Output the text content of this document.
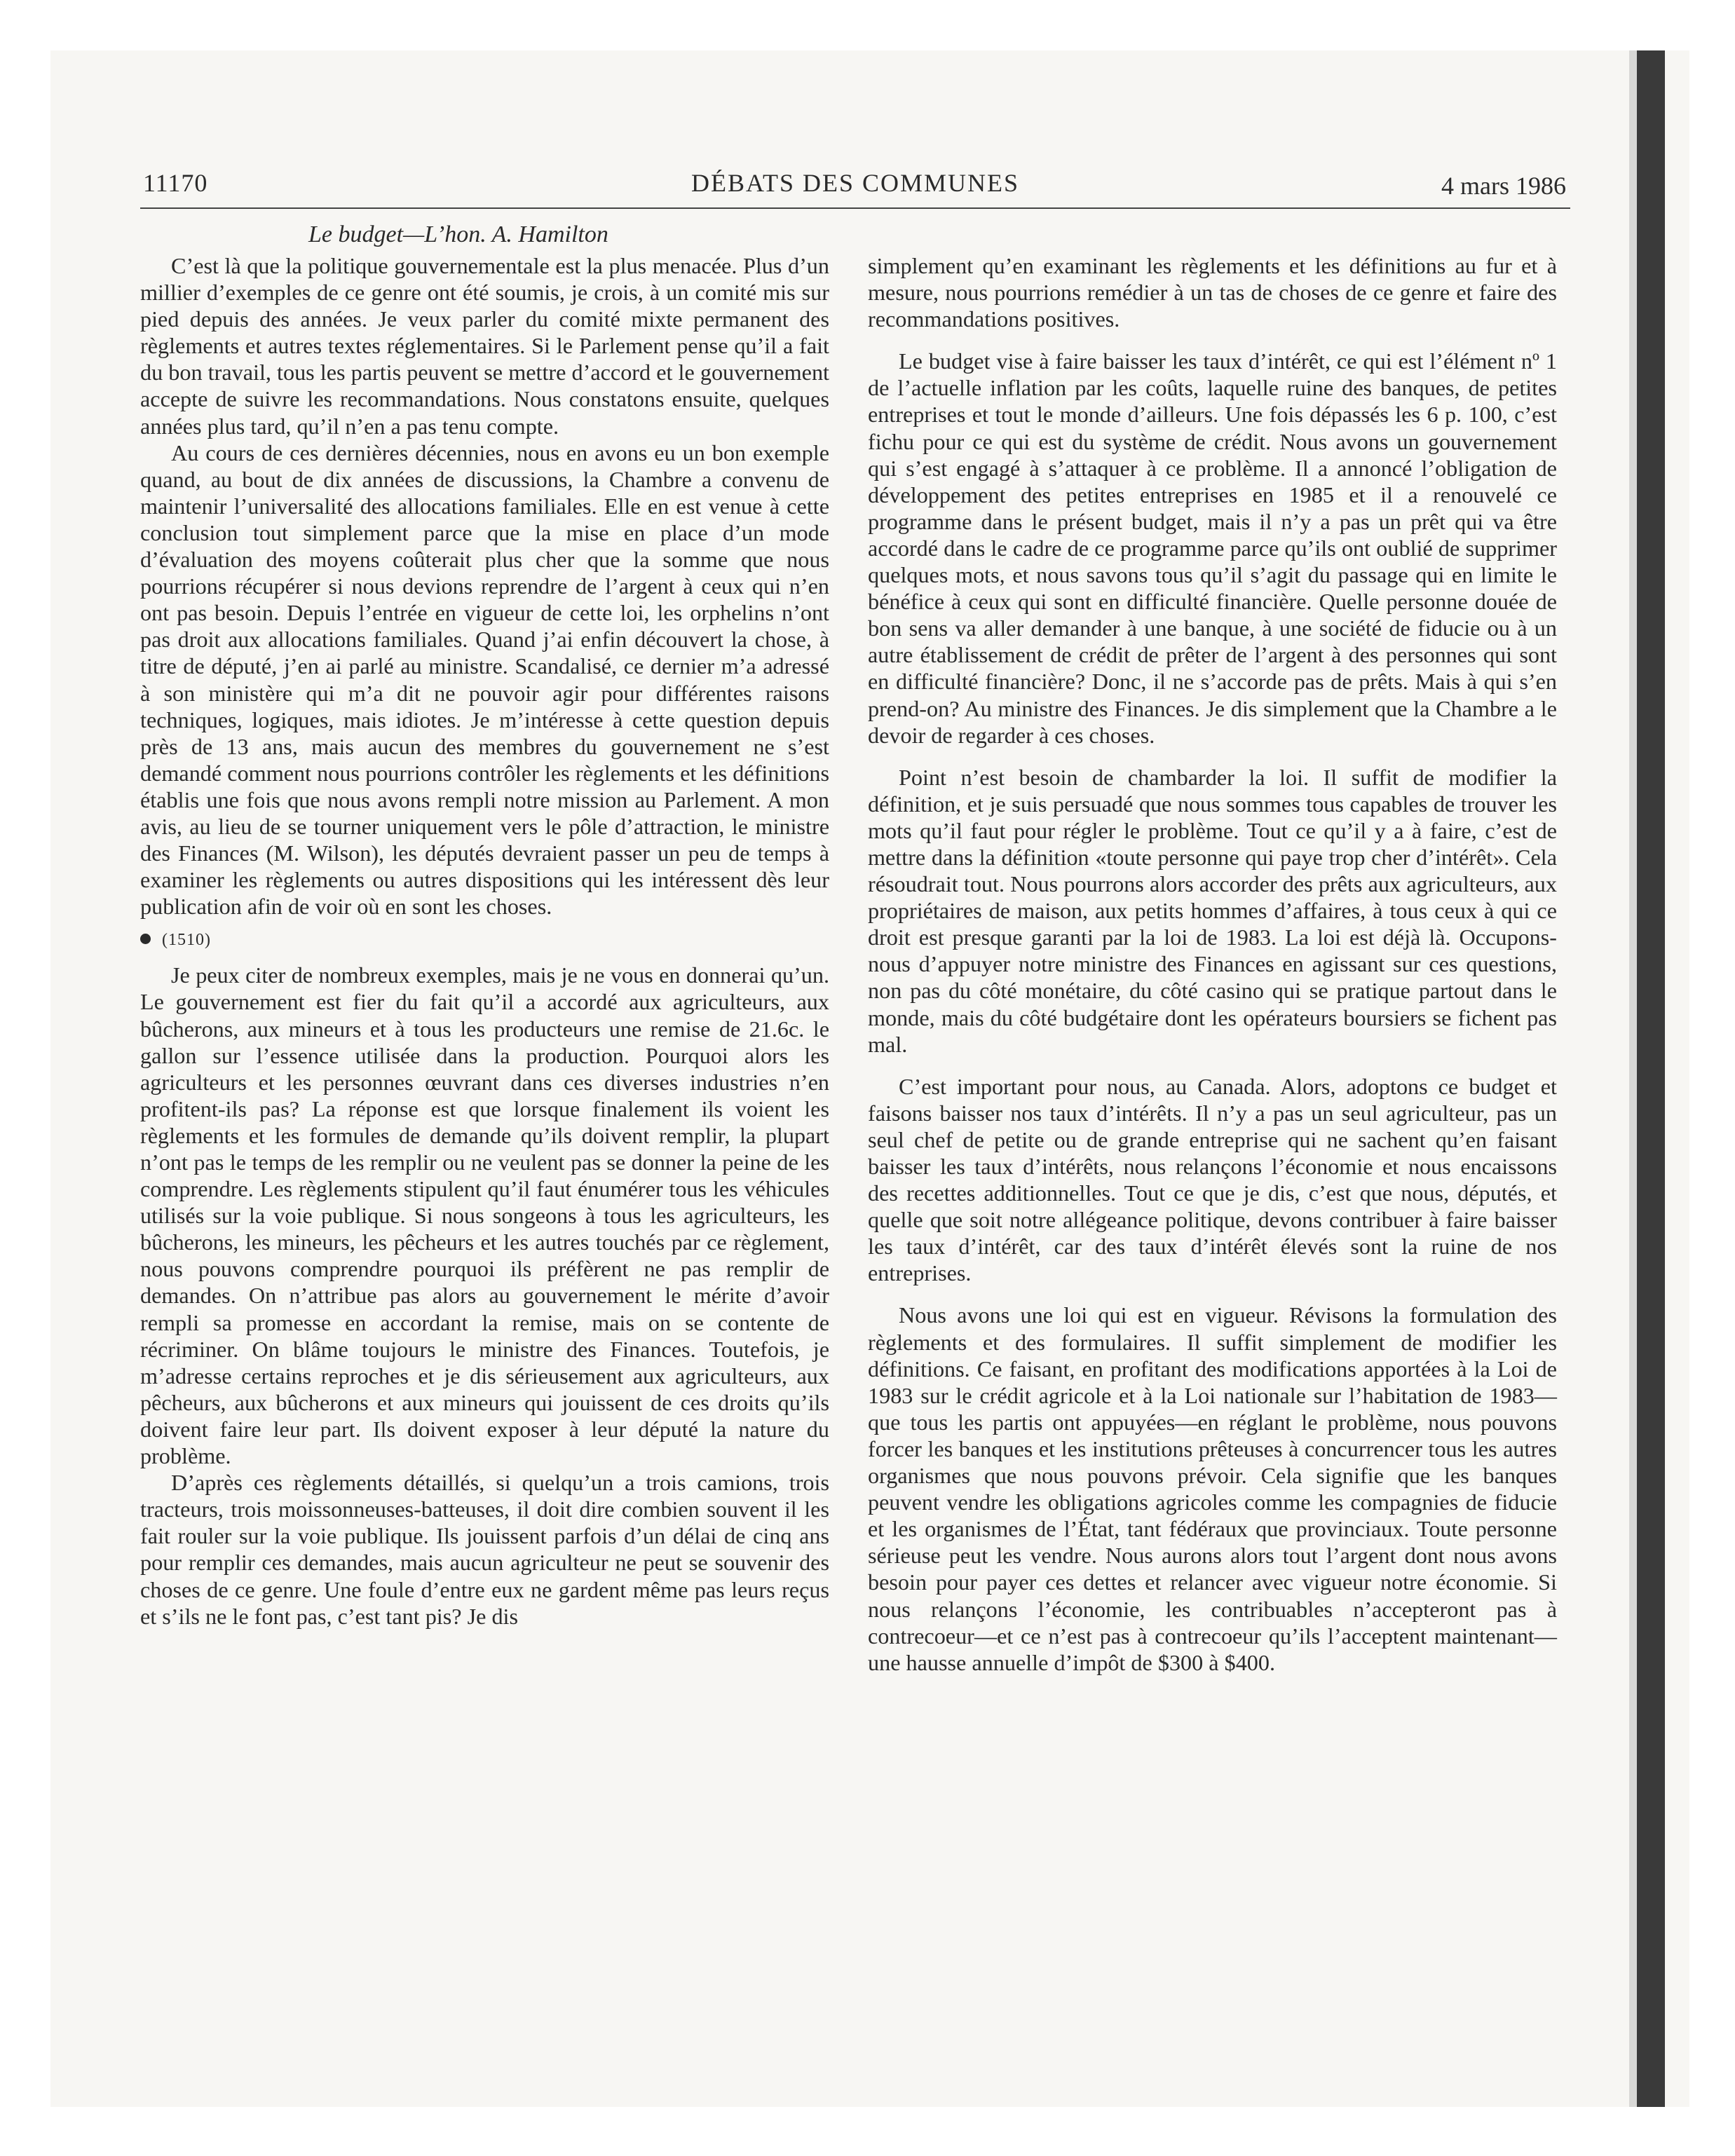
11170	DÉBATS DES COMMUNES	4 mars 1986
Le budget—L’hon. A. Hamilton

C’est là que la politique gouvernementale est la plus menacée. Plus d’un millier d’exemples de ce genre ont été soumis, je crois, à un comité mis sur pied depuis des années. Je veux parler du comité mixte permanent des règlements et autres textes réglementaires. Si le Parlement pense qu’il a fait du bon travail, tous les partis peuvent se mettre d’accord et le gouvernement accepte de suivre les recommandations. Nous constatons ensuite, quelques années plus tard, qu’il n’en a pas tenu compte.

Au cours de ces dernières décennies, nous en avons eu un bon exemple quand, au bout de dix années de discussions, la Chambre a convenu de maintenir l’universalité des allocations familiales. Elle en est venue à cette conclusion tout simplement parce que la mise en place d’un mode d’évaluation des moyens coûterait plus cher que la somme que nous pourrions récupérer si nous devions reprendre de l’argent à ceux qui n’en ont pas besoin. Depuis l’entrée en vigueur de cette loi, les orphelins n’ont pas droit aux allocations familiales. Quand j’ai enfin découvert la chose, à titre de député, j’en ai parlé au ministre. Scandalisé, ce dernier m’a adressé à son ministère qui m’a dit ne pouvoir agir pour différentes raisons techniques, logiques, mais idiotes. Je m’intéresse à cette question depuis près de 13 ans, mais aucun des membres du gouvernement ne s’est demandé comment nous pourrions contrôler les règlements et les définitions établis une fois que nous avons rempli notre mission au Parlement. A mon avis, au lieu de se tourner uniquement vers le pôle d’attraction, le ministre des Finances (M. Wilson), les députés devraient passer un peu de temps à examiner les règlements ou autres dispositions qui les intéressent dès leur publication afin de voir où en sont les choses.

(1510)

Je peux citer de nombreux exemples, mais je ne vous en donnerai qu’un. Le gouvernement est fier du fait qu’il a accordé aux agriculteurs, aux bûcherons, aux mineurs et à tous les producteurs une remise de 21.6c. le gallon sur l’essence utilisée dans la production. Pourquoi alors les agriculteurs et les personnes œuvrant dans ces diverses industries n’en profitent-ils pas? La réponse est que lorsque finalement ils voient les règlements et les formules de demande qu’ils doivent remplir, la plupart n’ont pas le temps de les remplir ou ne veulent pas se donner la peine de les comprendre. Les règlements stipulent qu’il faut énumérer tous les véhicules utilisés sur la voie publique. Si nous songeons à tous les agriculteurs, les bûcherons, les mineurs, les pêcheurs et les autres touchés par ce règlement, nous pouvons comprendre pourquoi ils préfèrent ne pas remplir de demandes. On n’attribue pas alors au gouvernement le mérite d’avoir rempli sa promesse en accordant la remise, mais on se contente de récriminer. On blâme toujours le ministre des Finances. Toutefois, je m’adresse certains reproches et je dis sérieusement aux agriculteurs, aux pêcheurs, aux bûcherons et aux mineurs qui jouissent de ces droits qu’ils doivent faire leur part. Ils doivent exposer à leur député la nature du problème.

D’après ces règlements détaillés, si quelqu’un a trois camions, trois tracteurs, trois moissonneuses-batteuses, il doit dire combien souvent il les fait rouler sur la voie publique. Ils jouissent parfois d’un délai de cinq ans pour remplir ces demandes, mais aucun agriculteur ne peut se souvenir des choses de ce genre. Une foule d’entre eux ne gardent même pas leurs reçus et s’ils ne le font pas, c’est tant pis? Je dis

simplement qu’en examinant les règlements et les définitions au fur et à mesure, nous pourrions remédier à un tas de choses de ce genre et faire des recommandations positives.

Le budget vise à faire baisser les taux d’intérêt, ce qui est l’élément nº 1 de l’actuelle inflation par les coûts, laquelle ruine des banques, de petites entreprises et tout le monde d’ailleurs. Une fois dépassés les 6 p. 100, c’est fichu pour ce qui est du système de crédit. Nous avons un gouvernement qui s’est engagé à s’attaquer à ce problème. Il a annoncé l’obligation de développement des petites entreprises en 1985 et il a renouvelé ce programme dans le présent budget, mais il n’y a pas un prêt qui va être accordé dans le cadre de ce programme parce qu’ils ont oublié de supprimer quelques mots, et nous savons tous qu’il s’agit du passage qui en limite le bénéfice à ceux qui sont en difficulté financière. Quelle personne douée de bon sens va aller demander à une banque, à une société de fiducie ou à un autre établissement de crédit de prêter de l’argent à des personnes qui sont en difficulté financière? Donc, il ne s’accorde pas de prêts. Mais à qui s’en prend-on? Au ministre des Finances. Je dis simplement que la Chambre a le devoir de regarder à ces choses.

Point n’est besoin de chambarder la loi. Il suffit de modifier la définition, et je suis persuadé que nous sommes tous capables de trouver les mots qu’il faut pour régler le problème. Tout ce qu’il y a à faire, c’est de mettre dans la définition «toute personne qui paye trop cher d’intérêt». Cela résoudrait tout. Nous pourrons alors accorder des prêts aux agriculteurs, aux propriétaires de maison, aux petits hommes d’affaires, à tous ceux à qui ce droit est presque garanti par la loi de 1983. La loi est déjà là. Occupons-nous d’appuyer notre ministre des Finances en agissant sur ces questions, non pas du côté monétaire, du côté casino qui se pratique partout dans le monde, mais du côté budgétaire dont les opérateurs boursiers se fichent pas mal.

C’est important pour nous, au Canada. Alors, adoptons ce budget et faisons baisser nos taux d’intérêts. Il n’y a pas un seul agriculteur, pas un seul chef de petite ou de grande entreprise qui ne sachent qu’en faisant baisser les taux d’intérêts, nous relançons l’économie et nous encaissons des recettes additionnelles. Tout ce que je dis, c’est que nous, députés, et quelle que soit notre allégeance politique, devons contribuer à faire baisser les taux d’intérêt, car des taux d’intérêt élevés sont la ruine de nos entreprises.

Nous avons une loi qui est en vigueur. Révisons la formulation des règlements et des formulaires. Il suffit simplement de modifier les définitions. Ce faisant, en profitant des modifications apportées à la Loi de 1983 sur le crédit agricole et à la Loi nationale sur l’habitation de 1983—que tous les partis ont appuyées—en réglant le problème, nous pouvons forcer les banques et les institutions prêteuses à concurrencer tous les autres organismes que nous pouvons prévoir. Cela signifie que les banques peuvent vendre les obligations agricoles comme les compagnies de fiducie et les organismes de l’État, tant fédéraux que provinciaux. Toute personne sérieuse peut les vendre. Nous aurons alors tout l’argent dont nous avons besoin pour payer ces dettes et relancer avec vigueur notre économie. Si nous relançons l’économie, les contribuables n’accepteront pas à contrecoeur—et ce n’est pas à contrecoeur qu’ils l’acceptent maintenant—une hausse annuelle d’impôt de $300 à $400.
